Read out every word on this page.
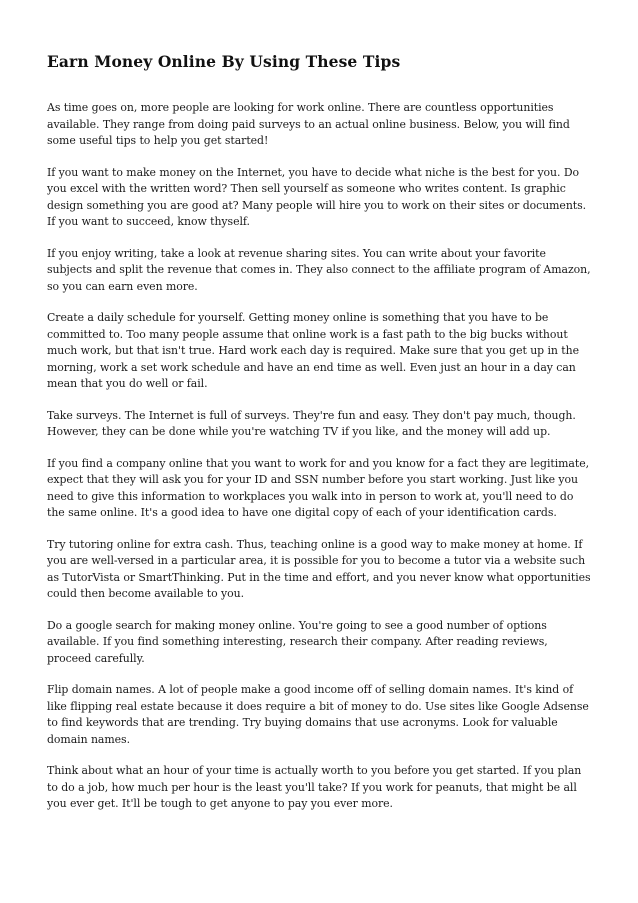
Earn Money Online By Using These Tips

As time goes on, more people are looking for work online. There are countless opportunities available. They range from doing paid surveys to an actual online business. Below, you will find some useful tips to help you get started!

If you want to make money on the Internet, you have to decide what niche is the best for you. Do you excel with the written word? Then sell yourself as someone who writes content. Is graphic design something you are good at? Many people will hire you to work on their sites or documents. If you want to succeed, know thyself.

If you enjoy writing, take a look at revenue sharing sites. You can write about your favorite subjects and split the revenue that comes in. They also connect to the affiliate program of Amazon, so you can earn even more.

Create a daily schedule for yourself. Getting money online is something that you have to be committed to. Too many people assume that online work is a fast path to the big bucks without much work, but that isn't true. Hard work each day is required. Make sure that you get up in the morning, work a set work schedule and have an end time as well. Even just an hour in a day can mean that you do well or fail.

Take surveys. The Internet is full of surveys. They're fun and easy. They don't pay much, though. However, they can be done while you're watching TV if you like, and the money will add up.

If you find a company online that you want to work for and you know for a fact they are legitimate, expect that they will ask you for your ID and SSN number before you start working. Just like you need to give this information to workplaces you walk into in person to work at, you'll need to do the same online. It's a good idea to have one digital copy of each of your identification cards.

Try tutoring online for extra cash. Thus, teaching online is a good way to make money at home. If you are well-versed in a particular area, it is possible for you to become a tutor via a website such as TutorVista or SmartThinking. Put in the time and effort, and you never know what opportunities could then become available to you.

Do a google search for making money online. You're going to see a good number of options available. If you find something interesting, research their company. After reading reviews, proceed carefully.

Flip domain names. A lot of people make a good income off of selling domain names. It's kind of like flipping real estate because it does require a bit of money to do. Use sites like Google Adsense to find keywords that are trending. Try buying domains that use acronyms. Look for valuable domain names.

Think about what an hour of your time is actually worth to you before you get started. If you plan to do a job, how much per hour is the least you'll take? If you work for peanuts, that might be all you ever get. It'll be tough to get anyone to pay you ever more.
